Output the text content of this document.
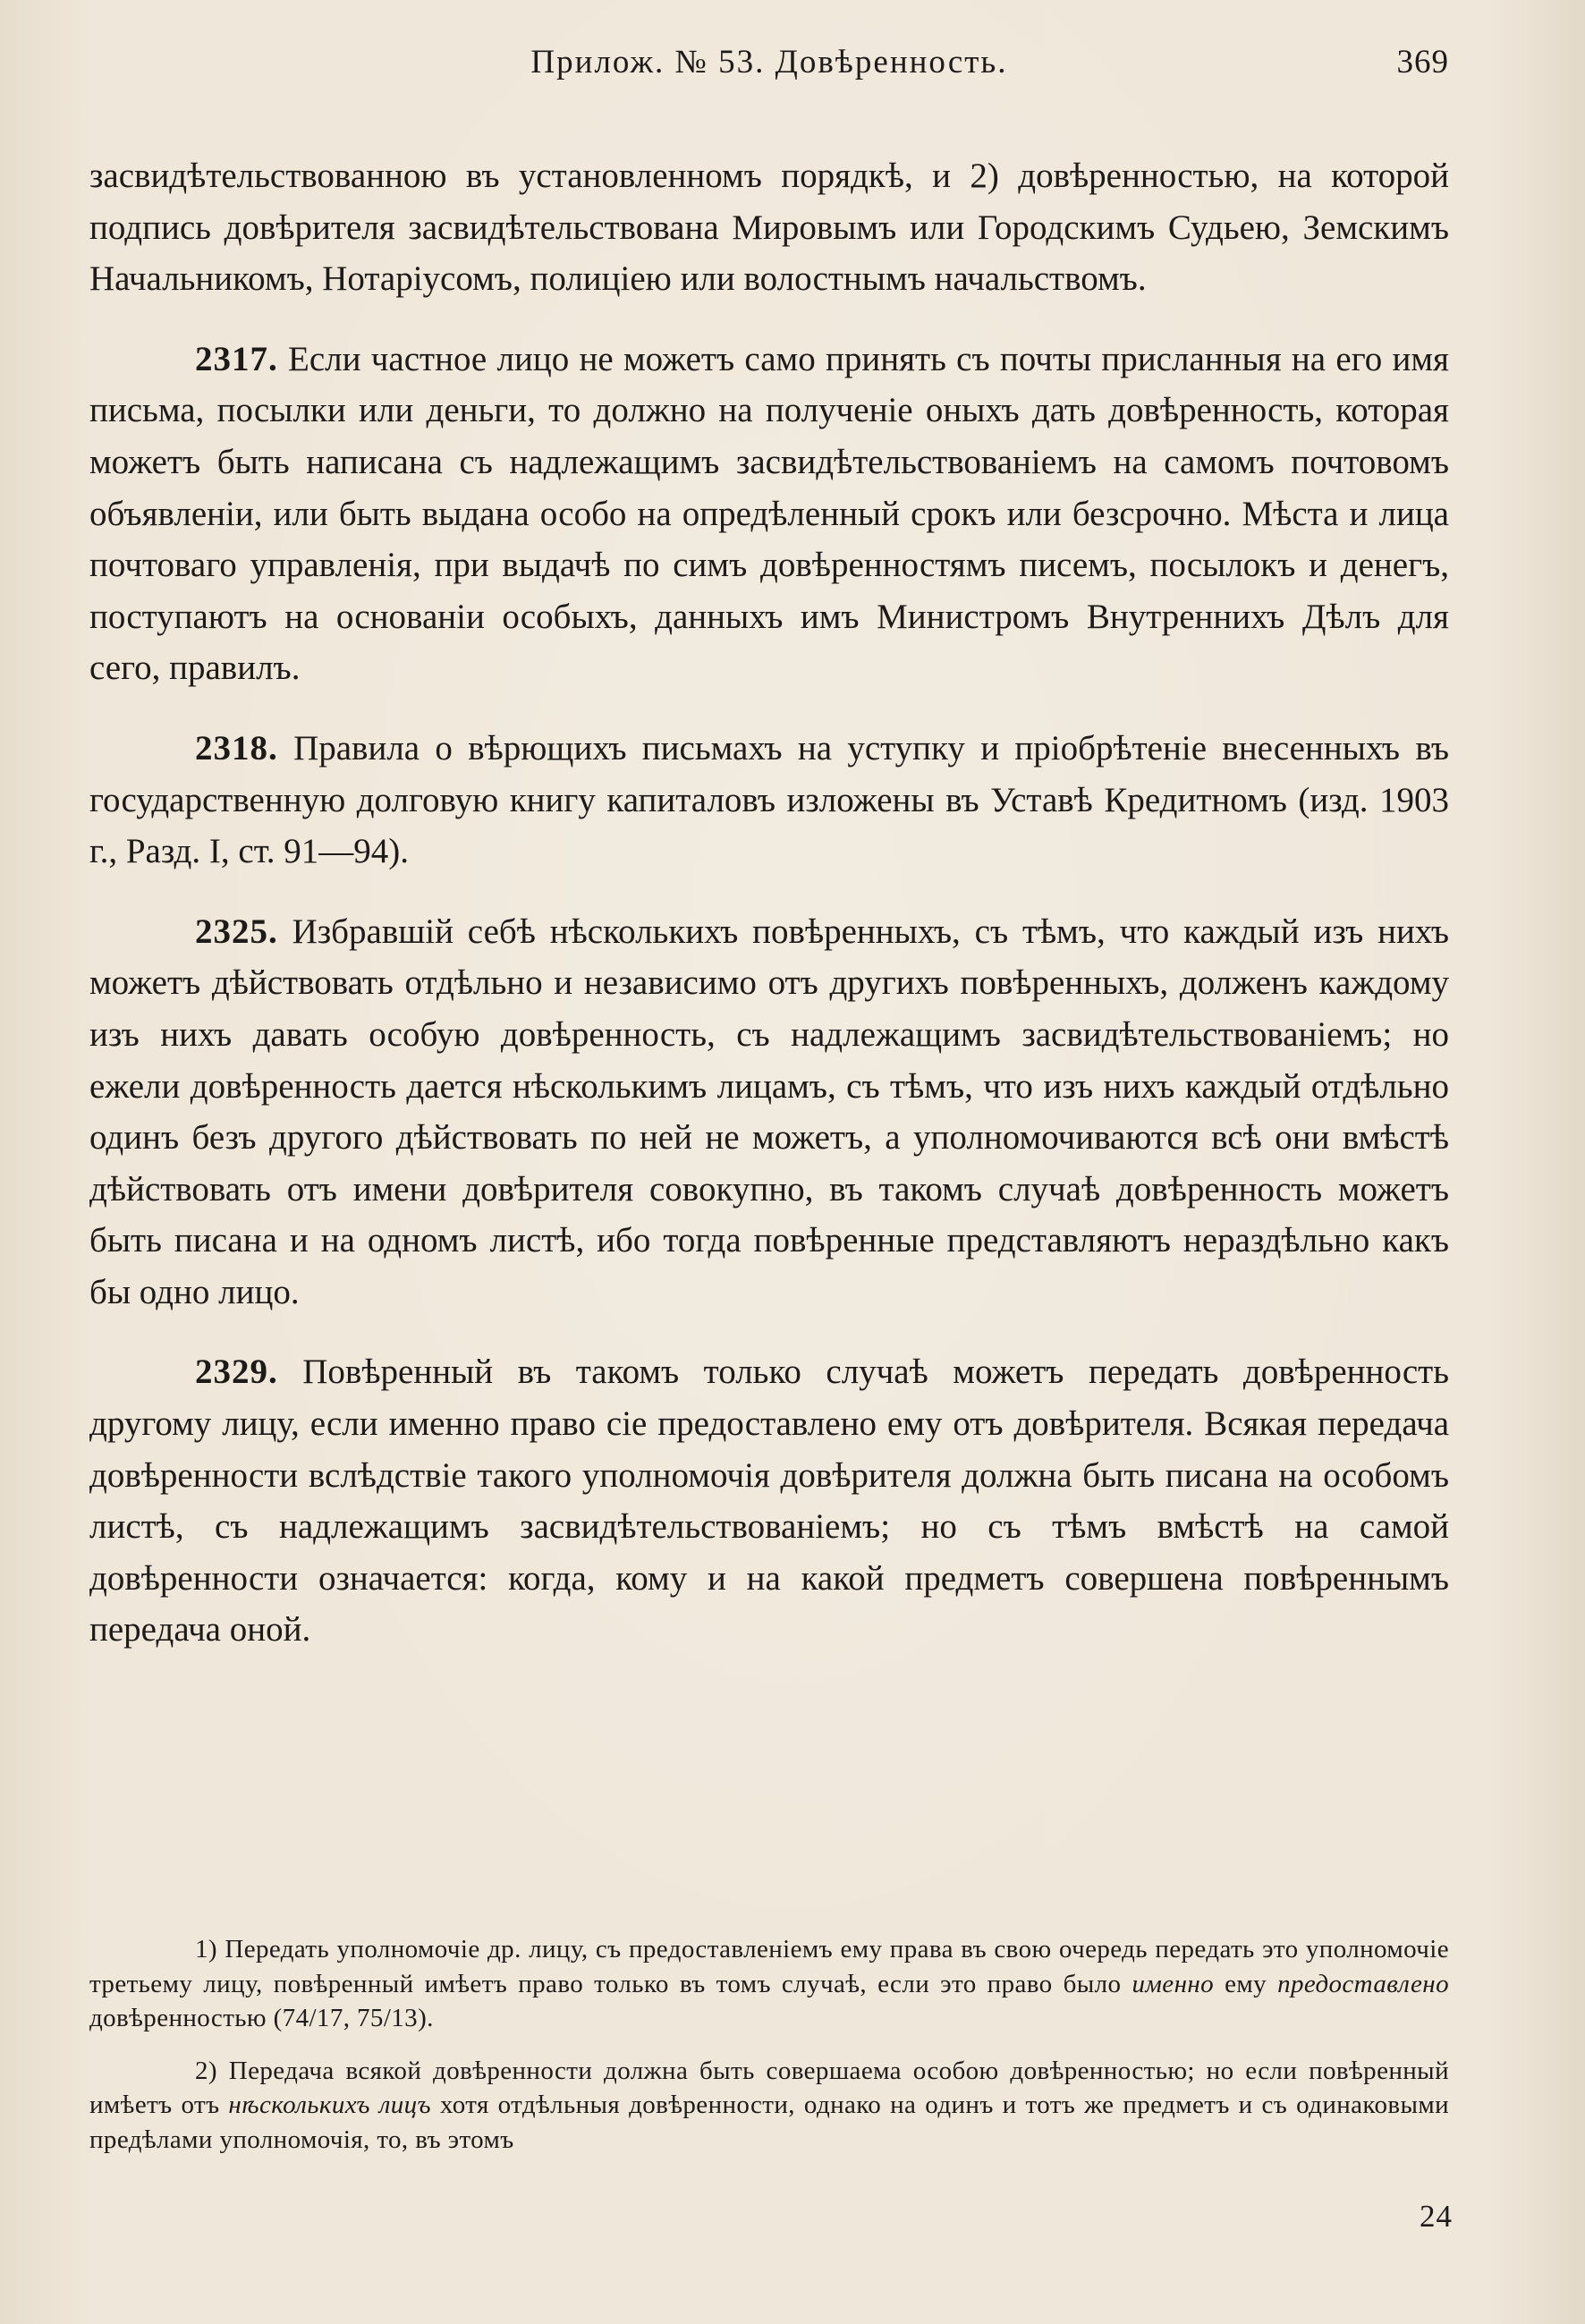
Прилож. № 53. Довѣренность.	369

засвидѣтельствованною въ установленномъ порядкѣ, и 2) довѣренностью, на которой подпись довѣрителя засвидѣтельствована Мировымъ или Городскимъ Судьею, Земскимъ Начальникомъ, Нотаріусомъ, полиціею или волостнымъ начальствомъ.

2317. Если частное лицо не можетъ само принять съ почты присланныя на его имя письма, посылки или деньги, то должно на полученіе оныхъ дать довѣренность, которая можетъ быть написана съ надлежащимъ засвидѣтельствованіемъ на самомъ почтовомъ объявленіи, или быть выдана особо на опредѣленный срокъ или безсрочно. Мѣста и лица почтоваго управленія, при выдачѣ по симъ довѣренностямъ писемъ, посылокъ и денегъ, поступаютъ на основаніи особыхъ, данныхъ имъ Министромъ Внутреннихъ Дѣлъ для сего, правилъ.

2318. Правила о вѣрющихъ письмахъ на уступку и пріобрѣтеніе внесенныхъ въ государственную долговую книгу капиталовъ изложены въ Уставѣ Кредитномъ (изд. 1903 г., Разд. I, ст. 91—94).

2325. Избравшій себѣ нѣсколькихъ повѣренныхъ, съ тѣмъ, что каждый изъ нихъ можетъ дѣйствовать отдѣльно и независимо отъ другихъ повѣренныхъ, долженъ каждому изъ нихъ давать особую довѣренность, съ надлежащимъ засвидѣтельствованіемъ; но ежели довѣренность дается нѣсколькимъ лицамъ, съ тѣмъ, что изъ нихъ каждый отдѣльно одинъ безъ другого дѣйствовать по ней не можетъ, а уполномочиваются всѣ они вмѣстѣ дѣйствовать отъ имени довѣрителя совокупно, въ такомъ случаѣ довѣренность можетъ быть писана и на одномъ листѣ, ибо тогда повѣренные представляютъ нераздѣльно какъ бы одно лицо.

2329. Повѣренный въ такомъ только случаѣ можетъ передать довѣренность другому лицу, если именно право сіе предоставлено ему отъ довѣрителя. Всякая передача довѣренности вслѣдствіе такого уполномочія довѣрителя должна быть писана на особомъ листѣ, съ надлежащимъ засвидѣтельствованіемъ; но съ тѣмъ вмѣстѣ на самой довѣренности означается: когда, кому и на какой предметъ совершена повѣреннымъ передача оной.

1) Передать уполномочіе др. лицу, съ предоставленіемъ ему права въ свою очередь передать это уполномочіе третьему лицу, повѣренный имѣетъ право только въ томъ случаѣ, если это право было именно ему предоставлено довѣренностью (74/17, 75/13).

2) Передача всякой довѣренности должна быть совершаема особою довѣренностью; но если повѣренный имѣетъ отъ нѣсколькихъ лицъ хотя отдѣльныя довѣренности, однако на одинъ и тотъ же предметъ и съ одинаковыми предѣлами уполномочія, то, въ этомъ

24
